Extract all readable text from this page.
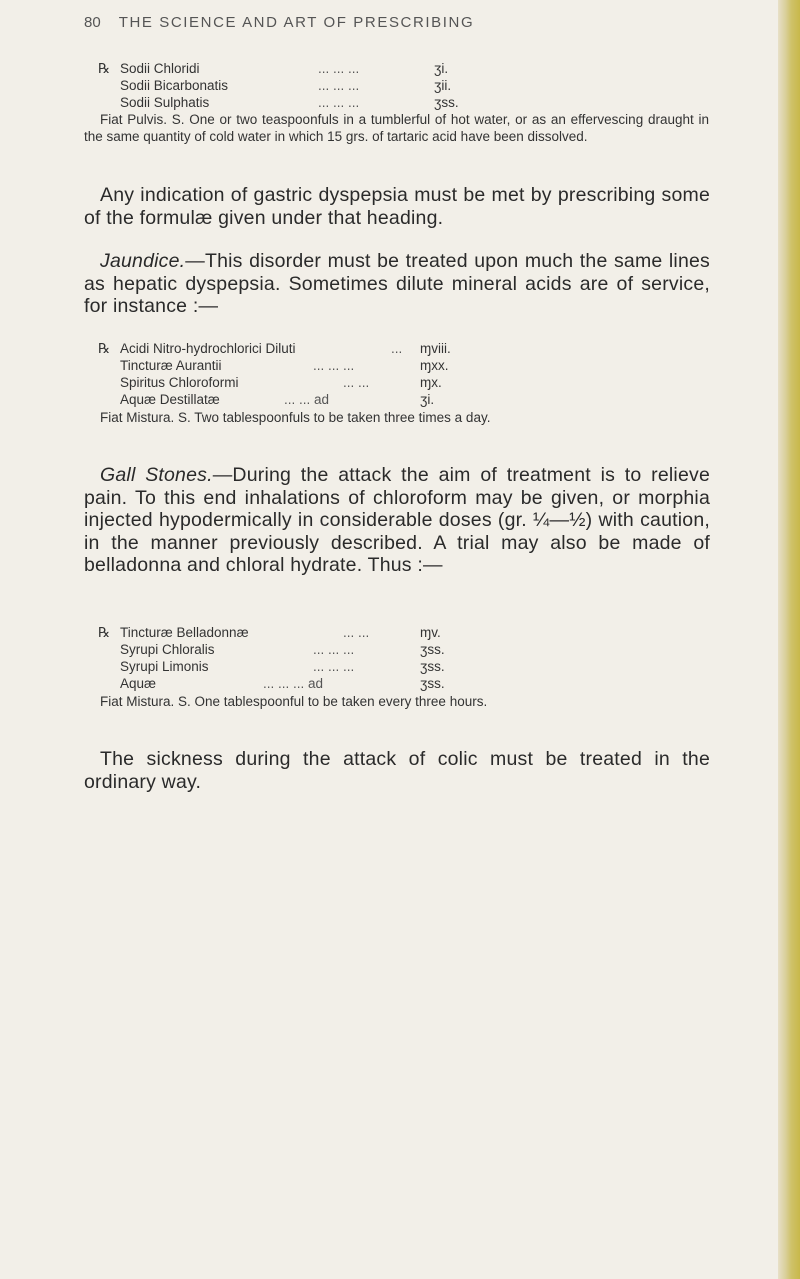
80 THE SCIENCE AND ART OF PRESCRIBING
℞ Sodii Chloridi	... ... ...	ʒi.
Sodii Bicarbonatis	... ... ...	ʒii.
Sodii Sulphatis	... ... ...	ʒss.
Fiat Pulvis. S. One or two teaspoonfuls in a tumblerful of hot water, or as an effervescing draught in the same quantity of cold water in which 15 grs. of tartaric acid have been dissolved.

Any indication of gastric dyspepsia must be met by prescribing some of the formulæ given under that heading.

Jaundice.—This disorder must be treated upon much the same lines as hepatic dyspepsia. Sometimes dilute mineral acids are of service, for instance :—

℞ Acidi Nitro-hydrochlorici Diluti	... ɱviii.
Tincturæ Aurantii	... ... ...	ɱxx.
Spiritus Chloroformi	... ...	ɱx.
Aquæ Destillatæ	... ... ad	ʒi.
Fiat Mistura. S. Two tablespoonfuls to be taken three times a day.

Gall Stones.—During the attack the aim of treatment is to relieve pain. To this end inhalations of chloroform may be given, or morphia injected hypodermically in considerable doses (gr. ¼—½) with caution, in the manner previously described. A trial may also be made of belladonna and chloral hydrate. Thus :—

℞ Tincturæ Belladonnæ	... ...	ɱv.
Syrupi Chloralis	... ... ...	ʒss.
Syrupi Limonis	... ... ...	ʒss.
Aquæ	... ... ... ad	ʒss.
Fiat Mistura. S. One tablespoonful to be taken every three hours.

The sickness during the attack of colic must be treated in the ordinary way.
